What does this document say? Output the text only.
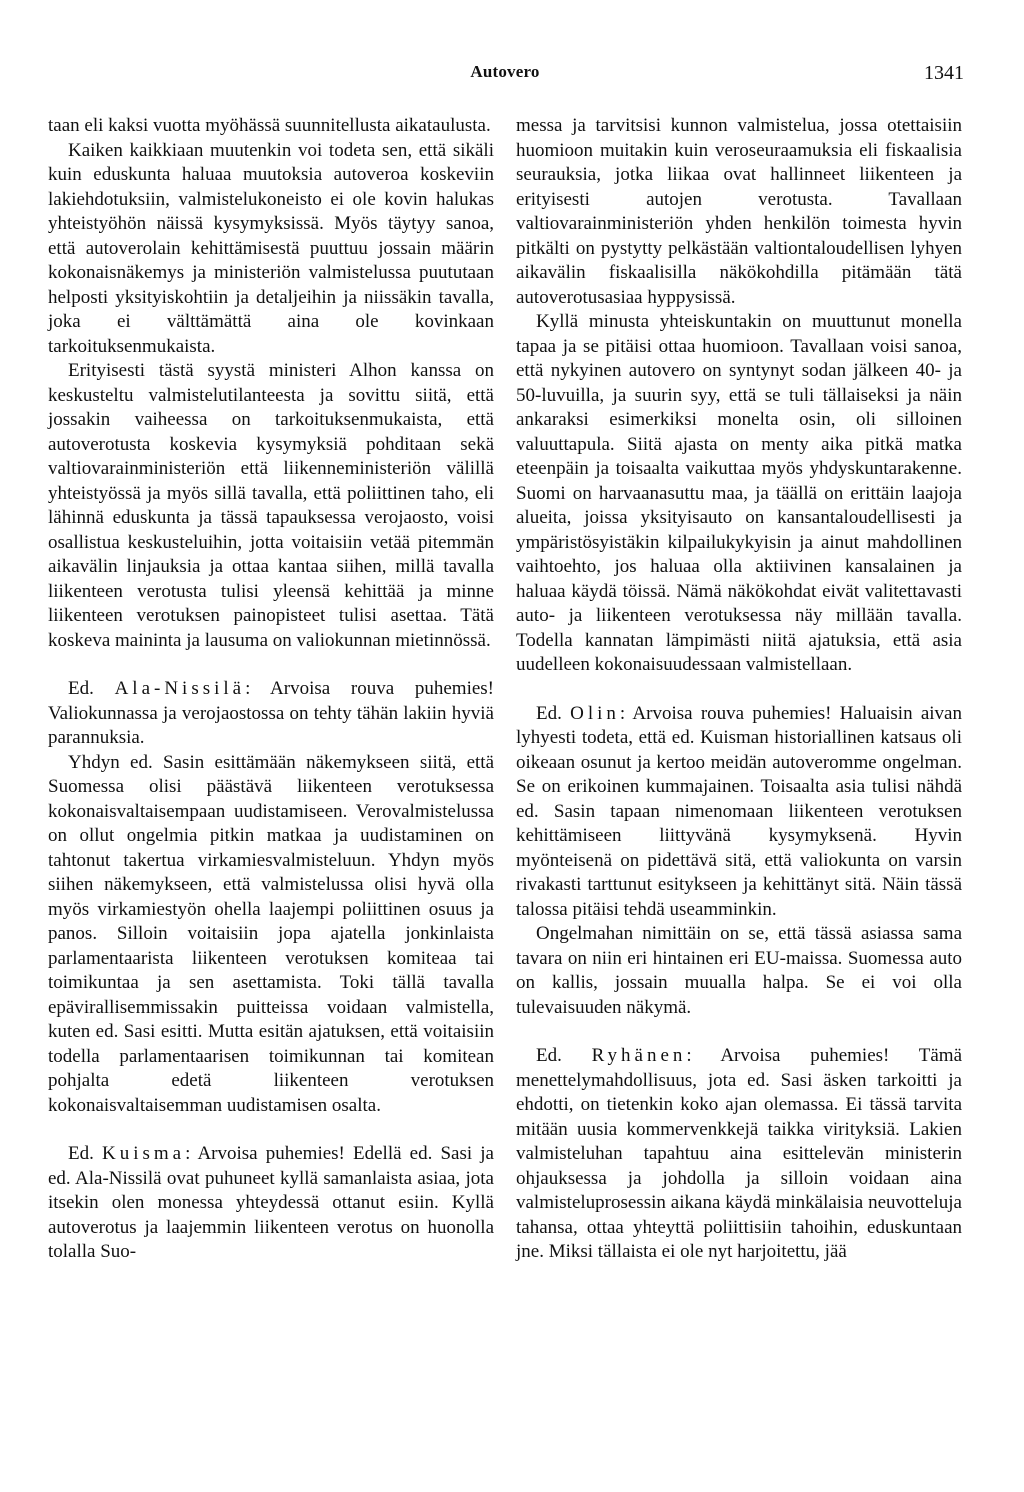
Autovero	1341

taan eli kaksi vuotta myöhässä suunnitellusta aikataulusta.

Kaiken kaikkiaan muutenkin voi todeta sen, että sikäli kuin eduskunta haluaa muutoksia autoveroa koskeviin lakiehdotuksiin, valmistelukoneisto ei ole kovin halukas yhteistyöhön näissä kysymyksissä. Myös täytyy sanoa, että autoverolain kehittämisestä puuttuu jossain määrin kokonaisnäkemys ja ministeriön valmistelussa puututaan helposti yksityiskohtiin ja detaljeihin ja niissäkin tavalla, joka ei välttämättä aina ole kovinkaan tarkoituksenmukaista.

Erityisesti tästä syystä ministeri Alhon kanssa on keskusteltu valmistelutilanteesta ja sovittu siitä, että jossakin vaiheessa on tarkoituksenmukaista, että autoverotusta koskevia kysymyksiä pohditaan sekä valtiovarainministeriön että liikenneministeriön välillä yhteistyössä ja myös sillä tavalla, että poliittinen taho, eli lähinnä eduskunta ja tässä tapauksessa verojaosto, voisi osallistua keskusteluihin, jotta voitaisiin vetää pitemmän aikavälin linjauksia ja ottaa kantaa siihen, millä tavalla liikenteen verotusta tulisi yleensä kehittää ja minne liikenteen verotuksen painopisteet tulisi asettaa. Tätä koskeva maininta ja lausuma on valiokunnan mietinnössä.

Ed. Ala-Nissilä: Arvoisa rouva puhemies! Valiokunnassa ja verojaostossa on tehty tähän lakiin hyviä parannuksia.

Yhdyn ed. Sasin esittämään näkemykseen siitä, että Suomessa olisi päästävä liikenteen verotuksessa kokonaisvaltaisempaan uudistamiseen. Verovalmistelussa on ollut ongelmia pitkin matkaa ja uudistaminen on tahtonut takertua virkamiesvalmisteluun. Yhdyn myös siihen näkemykseen, että valmistelussa olisi hyvä olla myös virkamiestyön ohella laajempi poliittinen osuus ja panos. Silloin voitaisiin jopa ajatella jonkinlaista parlamentaarista liikenteen verotuksen komiteaa tai toimikuntaa ja sen asettamista. Toki tällä tavalla epävirallisemmissakin puitteissa voidaan valmistella, kuten ed. Sasi esitti. Mutta esitän ajatuksen, että voitaisiin todella parlamentaarisen toimikunnan tai komitean pohjalta edetä liikenteen verotuksen kokonaisvaltaisemman uudistamisen osalta.

Ed. Kuisma: Arvoisa puhemies! Edellä ed. Sasi ja ed. Ala-Nissilä ovat puhuneet kyllä samanlaista asiaa, jota itsekin olen monessa yhteydessä ottanut esiin. Kyllä autoverotus ja laajemmin liikenteen verotus on huonolla tolalla Suo-

messa ja tarvitsisi kunnon valmistelua, jossa otettaisiin huomioon muitakin kuin veroseuraamuksia eli fiskaalisia seurauksia, jotka liikaa ovat hallinneet liikenteen ja erityisesti autojen verotusta. Tavallaan valtiovarainministeriön yhden henkilön toimesta hyvin pitkälti on pystytty pelkästään valtiontaloudellisen lyhyen aikavälin fiskaalisilla näkökohdilla pitämään tätä autoverotusasiaa hyppysissä.

Kyllä minusta yhteiskuntakin on muuttunut monella tapaa ja se pitäisi ottaa huomioon. Tavallaan voisi sanoa, että nykyinen autovero on syntynyt sodan jälkeen 40- ja 50-luvuilla, ja suurin syy, että se tuli tällaiseksi ja näin ankaraksi esimerkiksi monelta osin, oli silloinen valuuttapula. Siitä ajasta on menty aika pitkä matka eteenpäin ja toisaalta vaikuttaa myös yhdyskuntarakenne. Suomi on harvaanasuttu maa, ja täällä on erittäin laajoja alueita, joissa yksityisauto on kansantaloudellisesti ja ympäristösyistäkin kilpailukykyisin ja ainut mahdollinen vaihtoehto, jos haluaa olla aktiivinen kansalainen ja haluaa käydä töissä. Nämä näkökohdat eivät valitettavasti auto- ja liikenteen verotuksessa näy millään tavalla. Todella kannatan lämpimästi niitä ajatuksia, että asia uudelleen kokonaisuudessaan valmistellaan.

Ed. Olin: Arvoisa rouva puhemies! Haluaisin aivan lyhyesti todeta, että ed. Kuisman historiallinen katsaus oli oikeaan osunut ja kertoo meidän autoveromme ongelman. Se on erikoinen kummajainen. Toisaalta asia tulisi nähdä ed. Sasin tapaan nimenomaan liikenteen verotuksen kehittämiseen liittyvänä kysymyksenä. Hyvin myönteisenä on pidettävä sitä, että valiokunta on varsin rivakasti tarttunut esitykseen ja kehittänyt sitä. Näin tässä talossa pitäisi tehdä useamminkin.

Ongelmahan nimittäin on se, että tässä asiassa sama tavara on niin eri hintainen eri EU-maissa. Suomessa auto on kallis, jossain muualla halpa. Se ei voi olla tulevaisuuden näkymä.

Ed. Ryhänen: Arvoisa puhemies! Tämä menettelymahdollisuus, jota ed. Sasi äsken tarkoitti ja ehdotti, on tietenkin koko ajan olemassa. Ei tässä tarvita mitään uusia kommervenkkejä taikka virityksiä. Lakien valmisteluhan tapahtuu aina esittelevän ministerin ohjauksessa ja johdolla ja silloin voidaan aina valmisteluprosessin aikana käydä minkälaisia neuvotteluja tahansa, ottaa yhteyttä poliittisiin tahoihin, eduskuntaan jne. Miksi tällaista ei ole nyt harjoitettu, jää
